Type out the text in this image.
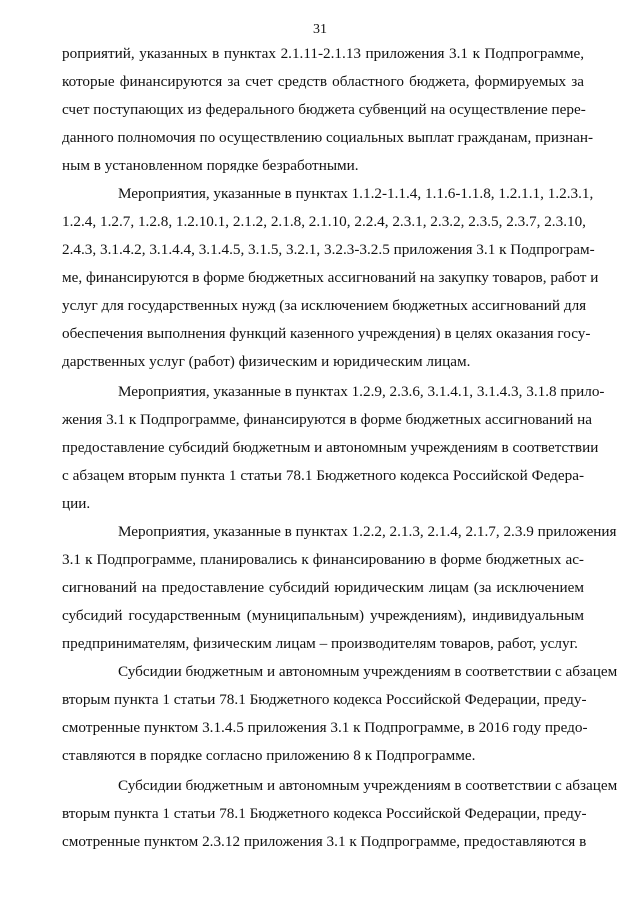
31
роприятий, указанных в пунктах 2.1.11-2.1.13 приложения 3.1 к Подпрограмме,
которые финансируются за счет средств областного бюджета, формируемых за
счет поступающих из федерального бюджета субвенций на осуществление пере-
данного полномочия по осуществлению социальных выплат гражданам, признан-
ным в установленном порядке безработными.
Мероприятия, указанные в пунктах 1.1.2-1.1.4, 1.1.6-1.1.8, 1.2.1.1, 1.2.3.1,
1.2.4, 1.2.7, 1.2.8, 1.2.10.1, 2.1.2, 2.1.8, 2.1.10, 2.2.4, 2.3.1, 2.3.2, 2.3.5, 2.3.7, 2.3.10,
2.4.3, 3.1.4.2, 3.1.4.4, 3.1.4.5, 3.1.5, 3.2.1, 3.2.3-3.2.5 приложения 3.1 к Подпрограм-
ме, финансируются в форме бюджетных ассигнований на закупку товаров, работ и
услуг для государственных нужд (за исключением бюджетных ассигнований для
обеспечения выполнения функций казенного учреждения) в целях оказания госу-
дарственных услуг (работ) физическим и юридическим лицам.
Мероприятия, указанные в пунктах 1.2.9, 2.3.6, 3.1.4.1, 3.1.4.3, 3.1.8 прило-
жения 3.1 к Подпрограмме, финансируются в форме бюджетных ассигнований на
предоставление субсидий бюджетным и автономным учреждениям в соответствии
с абзацем вторым пункта 1 статьи 78.1 Бюджетного кодекса Российской Федера-
ции.
Мероприятия, указанные в пунктах 1.2.2, 2.1.3, 2.1.4, 2.1.7, 2.3.9 приложения
3.1 к Подпрограмме, планировались к финансированию в форме бюджетных ас-
сигнований на предоставление субсидий юридическим лицам (за исключением
субсидий государственным (муниципальным) учреждениям), индивидуальным
предпринимателям, физическим лицам – производителям товаров, работ, услуг.
Субсидии бюджетным и автономным учреждениям в соответствии с абзацем
вторым пункта 1 статьи 78.1 Бюджетного кодекса Российской Федерации, преду-
смотренные пунктом 3.1.4.5 приложения 3.1 к Подпрограмме, в 2016 году предо-
ставляются в порядке согласно приложению 8 к Подпрограмме.
Субсидии бюджетным и автономным учреждениям в соответствии с абзацем
вторым пункта 1 статьи 78.1 Бюджетного кодекса Российской Федерации, преду-
смотренные пунктом 2.3.12 приложения 3.1 к Подпрограмме, предоставляются в
